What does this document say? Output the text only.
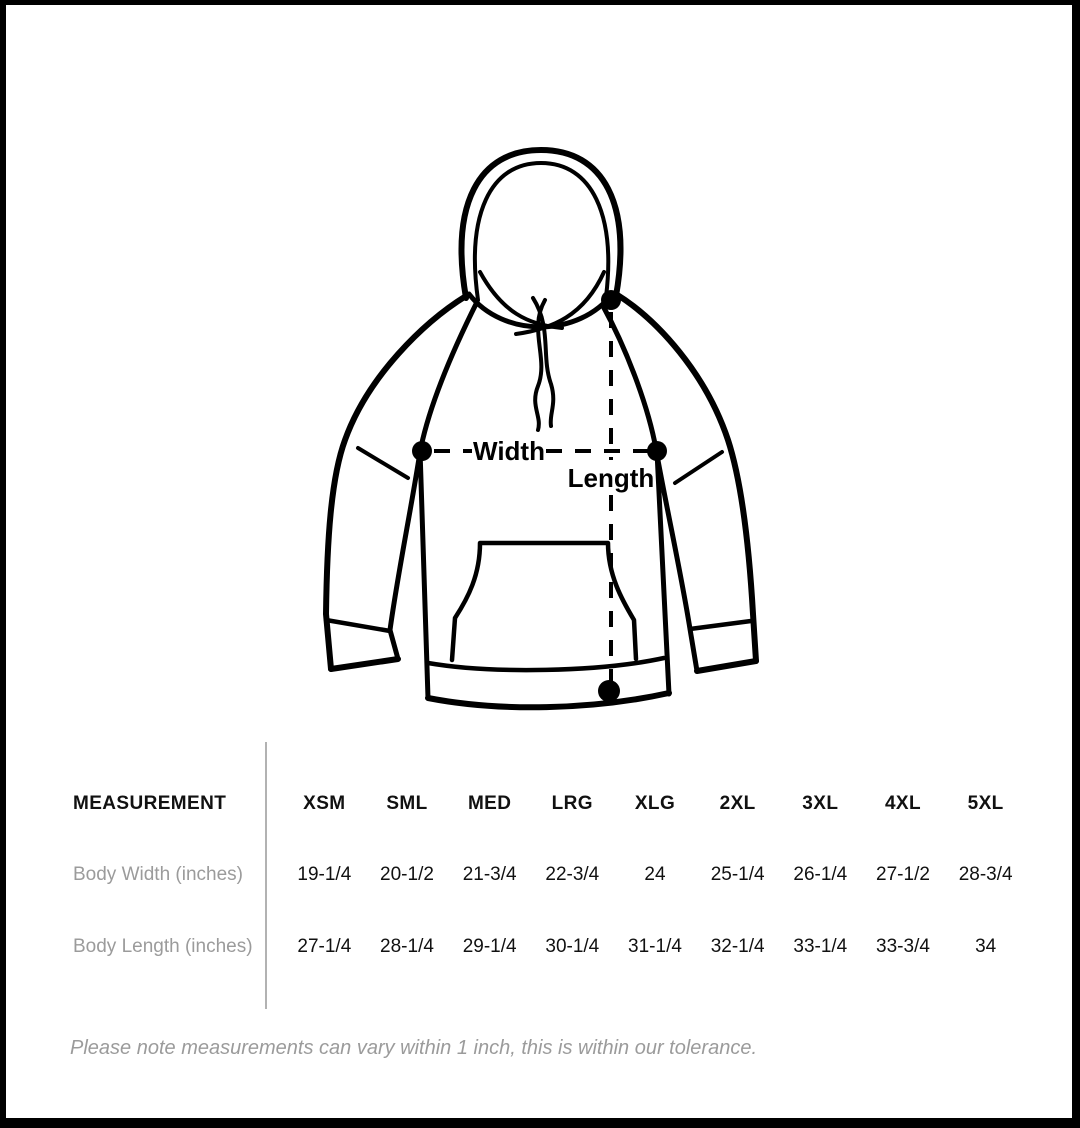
Width
Length
MEASUREMENT	XSM	SML	MED	LRG	XLG	2XL	3XL	4XL	5XL
Body Width (inches)	19-1/4	20-1/2	21-3/4	22-3/4	24	25-1/4	26-1/4	27-1/2	28-3/4
Body Length (inches)	27-1/4	28-1/4	29-1/4	30-1/4	31-1/4	32-1/4	33-1/4	33-3/4	34
Please note measurements can vary within 1 inch, this is within our tolerance.
